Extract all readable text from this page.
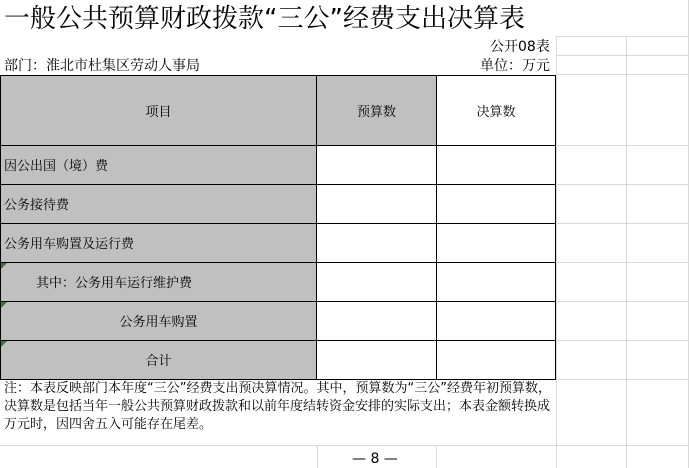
一般公共预算财政拨款“三公”经费支出决算表
公开08表
部门：淮北市杜集区劳动人事局	单位：万元
项目	预算数	决算数
因公出国（境）费
公务接待费
公务用车购置及运行费
其中：公务用车运行维护费
公务用车购置
合计
注：本表反映部门本年度“三公”经费支出预决算情况。其中，预算数为“三公”经费年初预算数，决算数是包括当年一般公共预算财政拨款和以前年度结转资金安排的实际支出；本表金额转换成万元时，因四舍五入可能存在尾差。
— 8 —
